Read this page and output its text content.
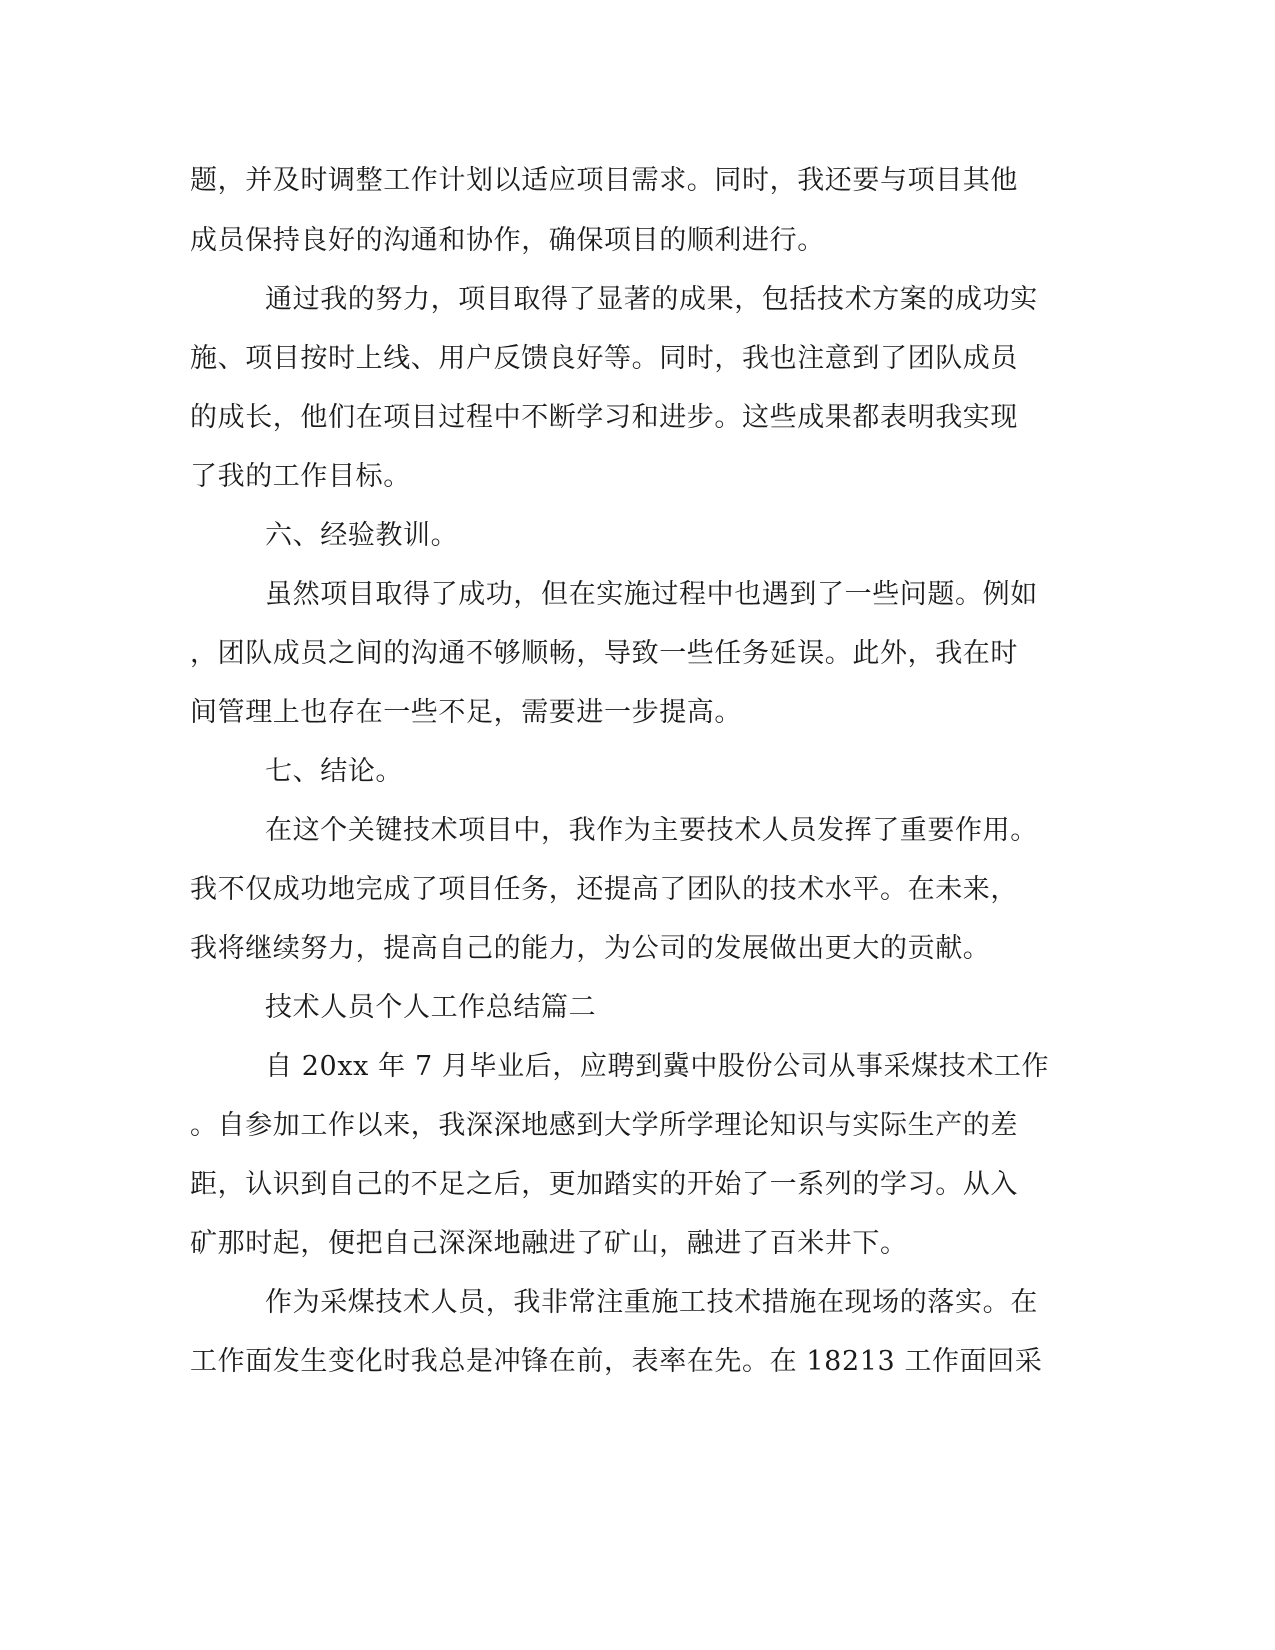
题，并及时调整工作计划以适应项目需求。同时，我还要与项目其他
成员保持良好的沟通和协作，确保项目的顺利进行。
通过我的努力，项目取得了显著的成果，包括技术方案的成功实
施、项目按时上线、用户反馈良好等。同时，我也注意到了团队成员
的成长，他们在项目过程中不断学习和进步。这些成果都表明我实现
了我的工作目标。
六、经验教训。
虽然项目取得了成功，但在实施过程中也遇到了一些问题。例如
，团队成员之间的沟通不够顺畅，导致一些任务延误。此外，我在时
间管理上也存在一些不足，需要进一步提高。
七、结论。
在这个关键技术项目中，我作为主要技术人员发挥了重要作用。
我不仅成功地完成了项目任务，还提高了团队的技术水平。在未来，
我将继续努力，提高自己的能力，为公司的发展做出更大的贡献。
技术人员个人工作总结篇二
自 20xx 年 7 月毕业后，应聘到冀中股份公司从事采煤技术工作
。自参加工作以来，我深深地感到大学所学理论知识与实际生产的差
距，认识到自己的不足之后，更加踏实的开始了一系列的学习。从入
矿那时起，便把自己深深地融进了矿山，融进了百米井下。
作为采煤技术人员，我非常注重施工技术措施在现场的落实。在
工作面发生变化时我总是冲锋在前，表率在先。在 18213 工作面回采
